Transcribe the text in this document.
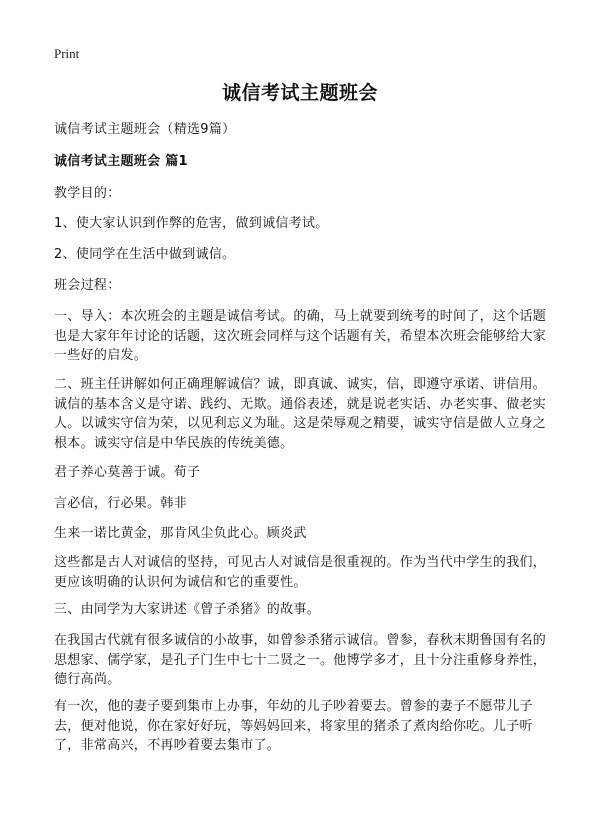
Print
诚信考试主题班会

诚信考试主题班会（精选9篇）

诚信考试主题班会 篇1

教学目的：

1、使大家认识到作弊的危害，做到诚信考试。

2、使同学在生活中做到诚信。

班会过程：

一、导入：本次班会的主题是诚信考试。的确，马上就要到统考的时间了，这个话题也是大家年年讨论的话题，这次班会同样与这个话题有关，希望本次班会能够给大家一些好的启发。

二、班主任讲解如何正确理解诚信？诚，即真诚、诚实，信，即遵守承诺、讲信用。诚信的基本含义是守诺、践约、无欺。通俗表述，就是说老实话、办老实事、做老实人。以诚实守信为荣，以见利忘义为耻。这是荣辱观之精要，诚实守信是做人立身之根本。诚实守信是中华民族的传统美德。

君子养心莫善于诚。荀子

言必信，行必果。韩非

生来一诺比黄金，那肯风尘负此心。顾炎武

这些都是古人对诚信的坚持，可见古人对诚信是很重视的。作为当代中学生的我们，更应该明确的认识何为诚信和它的重要性。

三、由同学为大家讲述《曾子杀猪》的故事。

在我国古代就有很多诚信的小故事，如曾参杀猪示诚信。曾参，春秋末期鲁国有名的思想家、儒学家，是孔子门生中七十二贤之一。他博学多才，且十分注重修身养性，德行高尚。

有一次，他的妻子要到集市上办事，年幼的儿子吵着要去。曾参的妻子不愿带儿子去，便对他说，你在家好好玩，等妈妈回来，将家里的猪杀了煮肉给你吃。儿子听了，非常高兴，不再吵着要去集市了。
